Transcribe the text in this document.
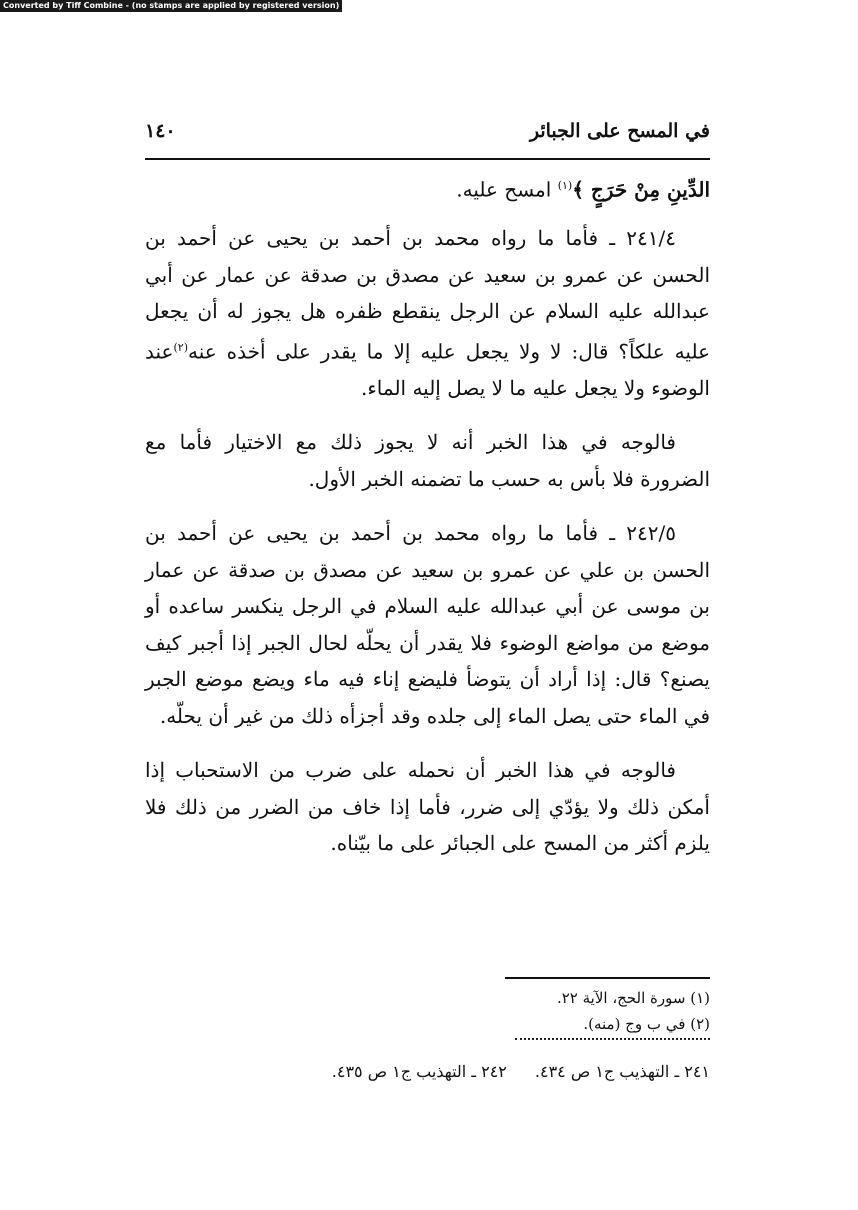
Converted by Tiff Combine - (no stamps are applied by registered version)
في المسح على الجبائر
١٤٠

الدِّينِ مِنْ حَرَجٍ ﴾$^{(١)}$ امسح عليه.

٢٤١/٤ ـ فأما ما رواه محمد بن أحمد بن يحيى عن أحمد بن الحسن عن عمرو بن سعيد عن مصدق بن صدقة عن عمار عن أبي عبدالله عليه السلام عن الرجل ينقطع ظفره هل يجوز له أن يجعل عليه علكاً؟ قال: لا ولا يجعل عليه إلا ما يقدر على أخذه عنه$^{(٢)}$عند الوضوء ولا يجعل عليه ما لا يصل إليه الماء.

فالوجه في هذا الخبر أنه لا يجوز ذلك مع الاختيار فأما مع الضرورة فلا بأس به حسب ما تضمنه الخبر الأول.

٢٤٢/٥ ـ فأما ما رواه محمد بن أحمد بن يحيى عن أحمد بن الحسن بن علي عن عمرو بن سعيد عن مصدق بن صدقة عن عمار بن موسى عن أبي عبدالله عليه السلام في الرجل ينكسر ساعده أو موضع من مواضع الوضوء فلا يقدر أن يحلّه لحال الجبر إذا أجبر كيف يصنع؟ قال: إذا أراد أن يتوضأ فليضع إناء فيه ماء ويضع موضع الجبر في الماء حتى يصل الماء إلى جلده وقد أجزأه ذلك من غير أن يحلّه.

فالوجه في هذا الخبر أن نحمله على ضرب من الاستحباب إذا أمكن ذلك ولا يؤدّي إلى ضرر، فأما إذا خاف من الضرر من ذلك فلا يلزم أكثر من المسح على الجبائر على ما بيّناه.

(١) سورة الحج، الآية ٢٢.

(٢) في ب وج (منه).

٢٤١ ـ التهذيب ج١ ص ٤٣٤.٢٤٢ ـ التهذيب ج١ ص ٤٣٥.
